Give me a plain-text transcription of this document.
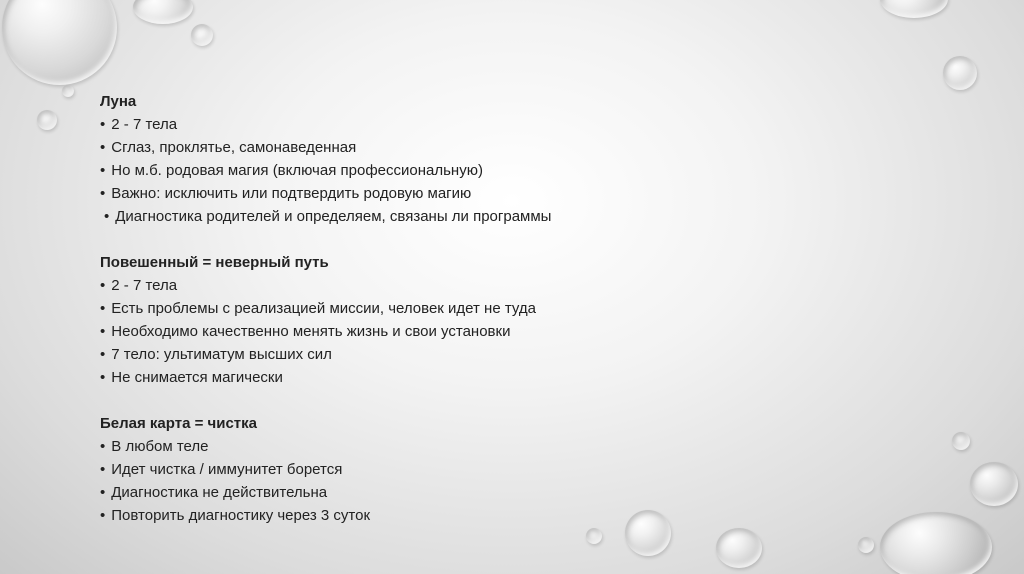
Луна
• 2 - 7 тела
• Сглаз, проклятье, самонаведенная
• Но м.б. родовая магия (включая профессиональную)
• Важно: исключить или подтвердить родовую магию
• Диагностика родителей и определяем, связаны ли программы
Повешенный = неверный путь
• 2 - 7 тела
• Есть проблемы с реализацией миссии, человек идет не туда
• Необходимо качественно менять жизнь и свои установки
• 7 тело: ультиматум высших сил
• Не снимается магически
Белая карта = чистка
• В любом теле
• Идет чистка / иммунитет борется
• Диагностика не действительна
• Повторить диагностику через 3 суток
